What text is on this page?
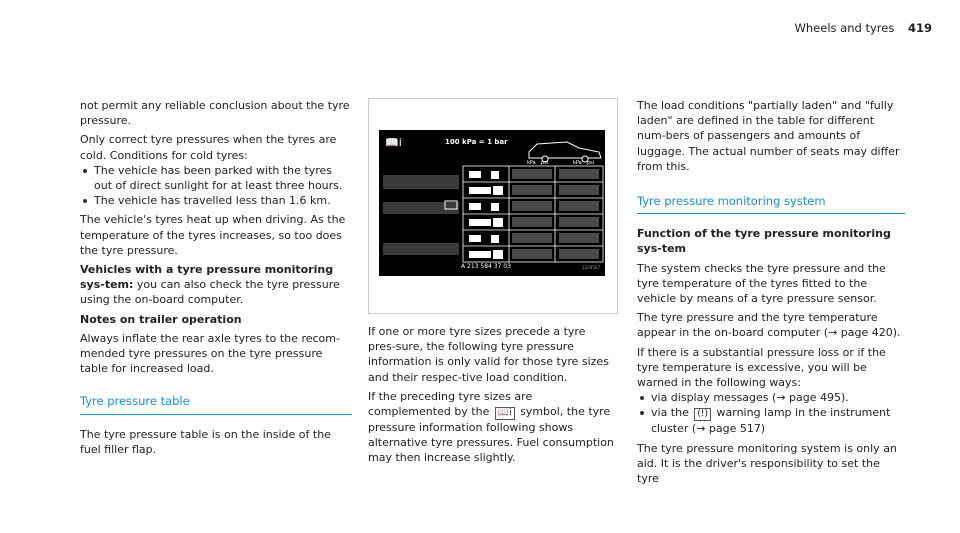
Wheels and tyres 419

not permit any reliable conclusion about the tyre pressure.

Only correct tyre pressures when the tyres are cold. Conditions for cold tyres:

The vehicle has been parked with the tyres out of direct sunlight for at least three hours.
The vehicle has travelled less than 1.6 km.

The vehicle's tyres heat up when driving. As the temperature of the tyres increases, so too does the tyre pressure.

Vehicles with a tyre pressure monitoring sys-tem: you can also check the tyre pressure using the on-board computer.

Notes on trailer operation

Always inflate the rear axle tyres to the recom-mended tyre pressures on the tyre pressure table for increased load.

Tyre pressure table

The tyre pressure table is on the inside of the fuel filler flap.

📖ⅰ	100 kPa = 1 bar
kPa psi	kPa psi
A 213 584 37 03	1234567

If one or more tyre sizes precede a tyre pres-sure, the following tyre pressure information is only valid for those tyre sizes and their respec-tive load condition.

If the preceding tyre sizes are complemented by the 📖ⅰ symbol, the tyre pressure information following shows alternative tyre pressures. Fuel consumption may then increase slightly.

The load conditions "partially laden" and "fully laden" are defined in the table for different num-bers of passengers and amounts of luggage. The actual number of seats may differ from this.

Tyre pressure monitoring system

Function of the tyre pressure monitoring sys-tem

The system checks the tyre pressure and the tyre temperature of the tyres fitted to the vehicle by means of a tyre pressure sensor.

The tyre pressure and the tyre temperature appear in the on-board computer (→ page 420).

If there is a substantial pressure loss or if the tyre temperature is excessive, you will be warned in the following ways:

via display messages (→ page 495).
via the (!) warning lamp in the instrument cluster (→ page 517)

The tyre pressure monitoring system is only an aid. It is the driver's responsibility to set the tyre
